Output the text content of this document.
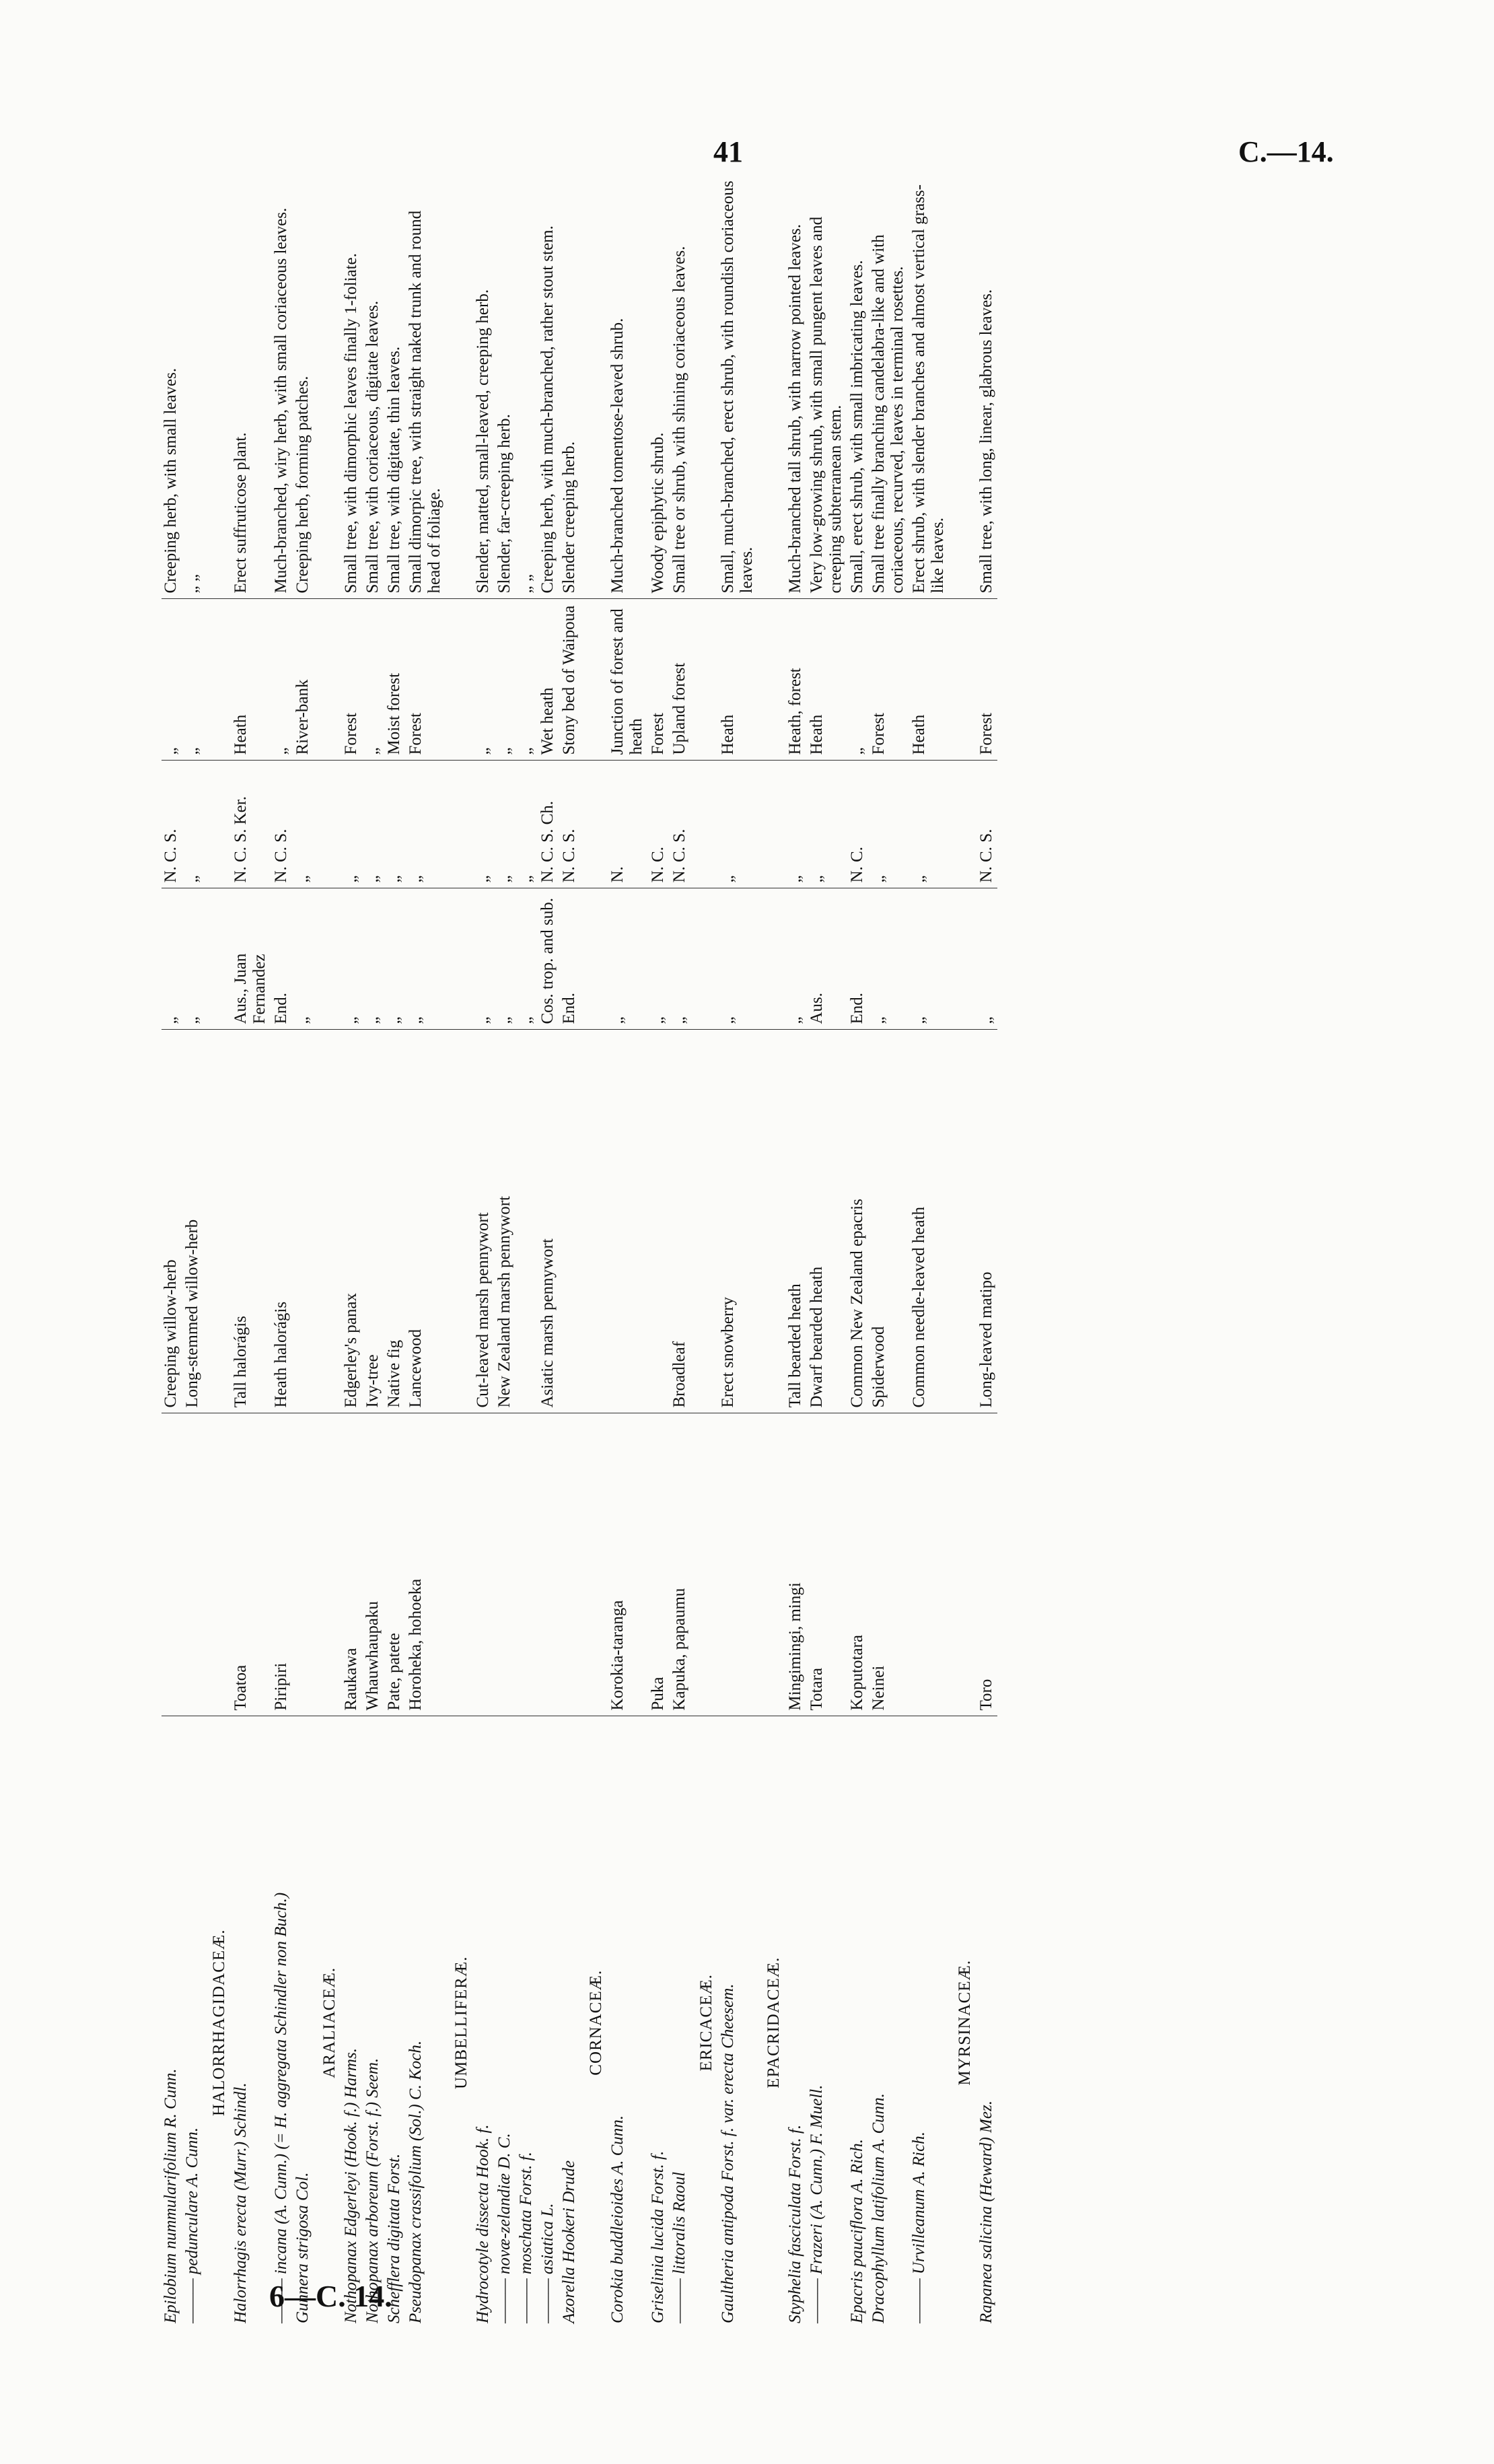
41	C.—14.
Epilobium nummularifolium R. Cunn.		Creeping willow-herb	„	N. C. S.	„	Creeping herb, with small leaves.
——— pedunculare A. Cunn.		Long-stemmed willow-herb	„	„	„	„ „
HALORRHAGIDACEÆ.						
Halorrhagis erecta (Murr.) Schindl.	Toatoa	Tall halorágis	Aus., Juan Fernandez	N. C. S. Ker.	Heath	Erect suffruticose plant.
——— incana (A. Cunn.) (= H. aggregata Schindler non Buch.)	Piripiri	Heath halorágis	End.	N. C. S.	„	Much-branched, wiry herb, with small coriaceous leaves.
Gunnera strigosa Col.			„	„	River-bank	Creeping herb, forming patches.
ARALIACEÆ.						
Nothopanax Edgerleyi (Hook. f.) Harms.	Raukawa	Edgerley's panax	„	„	Forest	Small tree, with dimorphic leaves finally 1-foliate.
Nothopanax arboreum (Forst. f.) Seem.	Whauwhaupaku	Ivy-tree	„	„	„	Small tree, with coriaceous, digitate leaves.
Schefflera digitata Forst.	Pate, patete	Native fig	„	„	Moist forest	Small tree, with digitate, thin leaves.
Pseudopanax crassifolium (Sol.) C. Koch.	Horoheka, hohoeka	Lancewood	„	„	Forest	Small dimorpic tree, with straight naked trunk and round head of foliage.
UMBELLIFERÆ.						
Hydrocotyle dissecta Hook. f.		Cut-leaved marsh pennywort	„	„	„	Slender, matted, small-leaved, creeping herb.
——— novæ-zelandiæ D. C.		New Zealand marsh pennywort	„	„	„	Slender, far-creeping herb.
——— moschata Forst. f.			„	„	„	„ „
——— asiatica L.		Asiatic marsh pennywort	Cos. trop. and sub.	N. C. S. Ch.	Wet heath	Creeping herb, with much-branched, rather stout stem.
Azorella Hookeri Drude			End.	N. C. S.	Stony bed of Waipoua	Slender creeping herb.
CORNACEÆ.						
Corokia buddleioides A. Cunn.	Korokia-taranga		„	N.	Junction of forest and heath	Much-branched tomentose-leaved shrub.
Griselinia lucida Forst. f.	Puka		„	N. C.	Forest	Woody epiphytic shrub.
——— littoralis Raoul	Kapuka, papaumu	Broadleaf	„	N. C. S.	Upland forest	Small tree or shrub, with shining coriaceous leaves.
ERICACEÆ.						
Gaultheria antipoda Forst. f. var. erecta Cheesem.		Erect snowberry	„	„	Heath	Small, much-branched, erect shrub, with roundish coriaceous leaves.
EPACRIDACEÆ.						
Styphelia fasciculata Forst. f.	Mingimingi, mingi	Tall bearded heath	„	„	Heath, forest	Much-branched tall shrub, with narrow pointed leaves.
——— Frazeri (A. Cunn.) F. Muell.	Totara	Dwarf bearded heath	Aus.	„	Heath	Very low-growing shrub, with small pungent leaves and creeping subterranean stem.
Epacris pauciflora A. Rich.	Koputotara	Common New Zealand epacris	End.	N. C.	„	Small, erect shrub, with small imbricating leaves.
Dracophyllum latifolium A. Cunn.	Neinei	Spiderwood	„	„	Forest	Small tree finally branching candelabra-like and with coriaceous, recurved, leaves in terminal rosettes.
——— Urvilleanum A. Rich.		Common needle-leaved heath	„	„	Heath	Erect shrub, with slender branches and almost vertical grass-like leaves.
MYRSINACEÆ.						
Rapanea salicina (Heward) Mez.	Toro	Long-leaved matipo	„	N. C. S.	Forest	Small tree, with long, linear, glabrous leaves.
6—C. 14.
